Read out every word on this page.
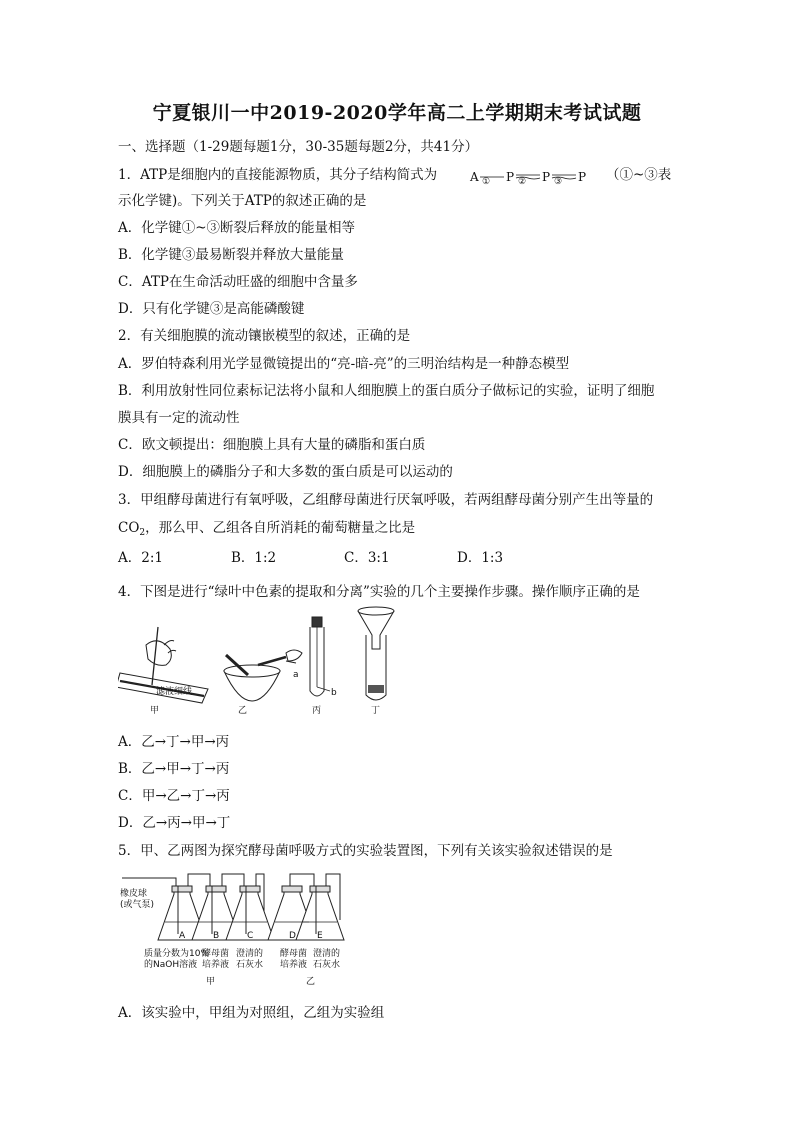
宁夏银川一中2019-2020学年高二上学期期末考试试题
一、选择题（1-29题每题1分，30-35题每题2分，共41分）
1．ATP是细胞内的直接能源物质，其分子结构简式为	A ① P ② P ③ P （①~③表
示化学键)。下列关于ATP的叙述正确的是
A．化学键①~③断裂后释放的能量相等
B．化学键③最易断裂并释放大量能量
C．ATP在生命活动旺盛的细胞中含量多
D．只有化学键③是高能磷酸键
2．有关细胞膜的流动镶嵌模型的叙述，正确的是
A．罗伯特森利用光学显微镜提出的“亮-暗-亮”的三明治结构是一种静态模型
B．利用放射性同位素标记法将小鼠和人细胞膜上的蛋白质分子做标记的实验，证明了细胞
膜具有一定的流动性
C．欧文顿提出：细胞膜上具有大量的磷脂和蛋白质
D．细胞膜上的磷脂分子和大多数的蛋白质是可以运动的
3．甲组酵母菌进行有氧呼吸，乙组酵母菌进行厌氧呼吸，若两组酵母菌分别产生出等量的
$CO_2$，那么甲、乙组各自所消耗的葡萄糖量之比是
A．2:1	B．1:2	C．3:1	D．1:3
4．下图是进行“绿叶中色素的提取和分离”实验的几个主要操作步骤。操作顺序正确的是
滤液细线
甲
a
乙
b
丙	丁
A．乙→丁→甲→丙
B．乙→甲→丁→丙
C．甲→乙→丁→丙
D．乙→丙→甲→丁
5．甲、乙两图为探究酵母菌呼吸方式的实验装置图，下列有关该实验叙述错误的是
橡皮球
(或气泵)
A	B	C	D E
质量分数为10%
的NaOH溶液
酵母菌
培养液
澄清的
石灰水
酵母菌
培养液
澄清的
石灰水
甲	乙
A．该实验中，甲组为对照组，乙组为实验组
